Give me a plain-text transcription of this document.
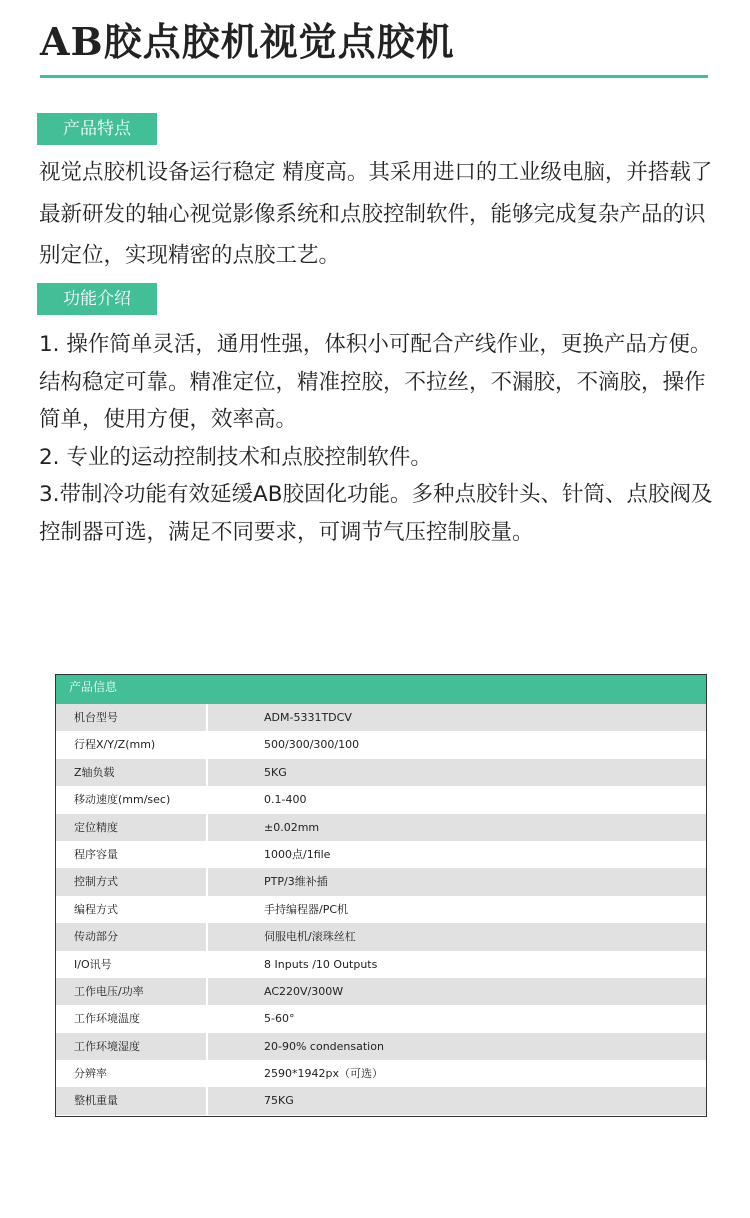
AB胶点胶机视觉点胶机
产品特点
视觉点胶机设备运行稳定 精度高。其采用进口的工业级电脑，并搭载了最新研发的轴心视觉影像系统和点胶控制软件，能够完成复杂产品的识别定位，实现精密的点胶工艺。
功能介绍

1. 操作简单灵活，通用性强，体积小可配合产线作业，更换产品方便。结构稳定可靠。精准定位，精准控胶，不拉丝，不漏胶，不滴胶，操作简单，使用方便，效率高。

2. 专业的运动控制技术和点胶控制软件。

3.带制冷功能有效延缓AB胶固化功能。多种点胶针头、针筒、点胶阀及控制器可选，满足不同要求，可调节气压控制胶量。

产品信息
机台型号	ADM-5331TDCV
行程X/Y/Z(mm)	500/300/300/100
Z轴负载	5KG
移动速度(mm/sec)	0.1-400
定位精度	±0.02mm
程序容量	1000点/1file
控制方式	PTP/3维补插
编程方式	手持编程器/PC机
传动部分	伺服电机/滚珠丝杠
I/O讯号	8 Inputs /10 Outputs
工作电压/功率	AC220V/300W
工作环境温度	5-60°
工作环境湿度	20-90% condensation
分辨率	2590*1942px（可选）
整机重量	75KG
